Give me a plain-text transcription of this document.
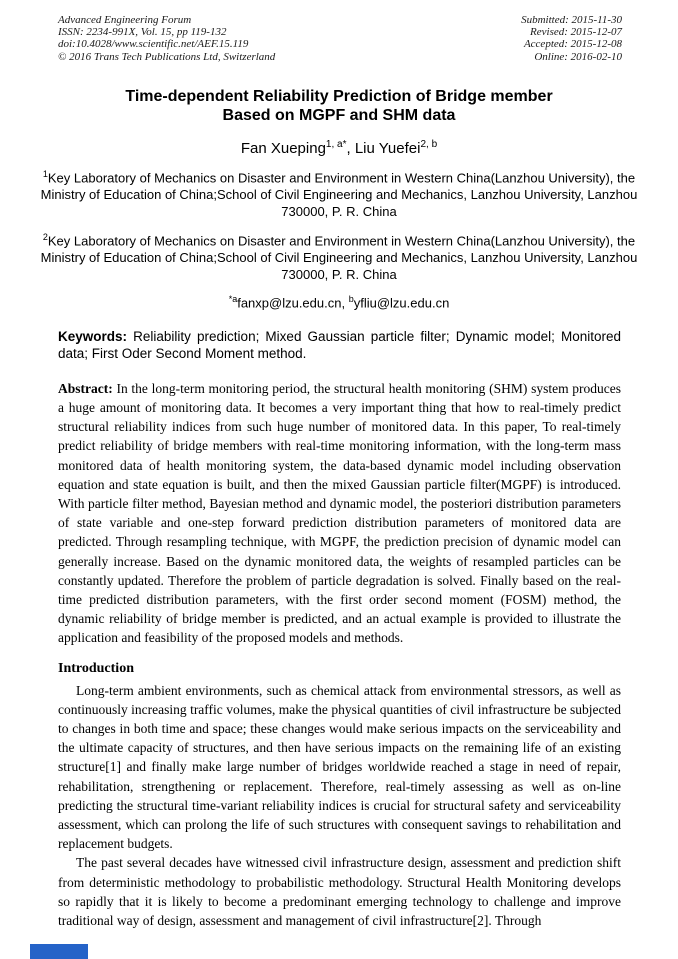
Advanced Engineering Forum
ISSN: 2234-991X, Vol. 15, pp 119-132
doi:10.4028/www.scientific.net/AEF.15.119
© 2016 Trans Tech Publications Ltd, Switzerland
Submitted: 2015-11-30
Revised: 2015-12-07
Accepted: 2015-12-08
Online: 2016-02-10
Time-dependent Reliability Prediction of Bridge member
Based on MGPF and SHM data
Fan Xueping$^{1, a*}$, Liu Yuefei$^{2, b}$

$^1$Key Laboratory of Mechanics on Disaster and Environment in Western China(Lanzhou University), the Ministry of Education of China;School of Civil Engineering and Mechanics, Lanzhou University, Lanzhou 730000, P. R. China

$^2$Key Laboratory of Mechanics on Disaster and Environment in Western China(Lanzhou University), the Ministry of Education of China;School of Civil Engineering and Mechanics, Lanzhou University, Lanzhou 730000, P. R. China

$^{*a}$fanxp@lzu.edu.cn, $^b$yfliu@lzu.edu.cn

Keywords: Reliability prediction; Mixed Gaussian particle filter; Dynamic model; Monitored data; First Oder Second Moment method.

Abstract: In the long-term monitoring period, the structural health monitoring (SHM) system produces a huge amount of monitoring data. It becomes a very important thing that how to real-timely predict structural reliability indices from such huge number of monitored data. In this paper, To real-timely predict reliability of bridge members with real-time monitoring information, with the long-term mass monitored data of health monitoring system, the data-based dynamic model including observation equation and state equation is built, and then the mixed Gaussian particle filter(MGPF) is introduced. With particle filter method, Bayesian method and dynamic model, the posteriori distribution parameters of state variable and one-step forward prediction distribution parameters of monitored data are predicted. Through resampling technique, with MGPF, the prediction precision of dynamic model can generally increase. Based on the dynamic monitored data, the weights of resampled particles can be constantly updated. Therefore the problem of particle degradation is solved. Finally based on the real-time predicted distribution parameters, with the first order second moment (FOSM) method, the dynamic reliability of bridge member is predicted, and an actual example is provided to illustrate the application and feasibility of the proposed models and methods.

Introduction

Long-term ambient environments, such as chemical attack from environmental stressors, as well as continuously increasing traffic volumes, make the physical quantities of civil infrastructure be subjected to changes in both time and space; these changes would make serious impacts on the serviceability and the ultimate capacity of structures, and then have serious impacts on the remaining life of an existing structure[1] and finally make large number of bridges worldwide reached a stage in need of repair, rehabilitation, strengthening or replacement. Therefore, real-timely assessing as well as on-line predicting the structural time-variant reliability indices is crucial for structural safety and serviceability assessment, which can prolong the life of such structures with consequent savings to rehabilitation and replacement budgets.

The past several decades have witnessed civil infrastructure design, assessment and prediction shift from deterministic methodology to probabilistic methodology. Structural Health Monitoring develops so rapidly that it is likely to become a predominant emerging technology to challenge and improve traditional way of design, assessment and management of civil infrastructure[2]. Through
